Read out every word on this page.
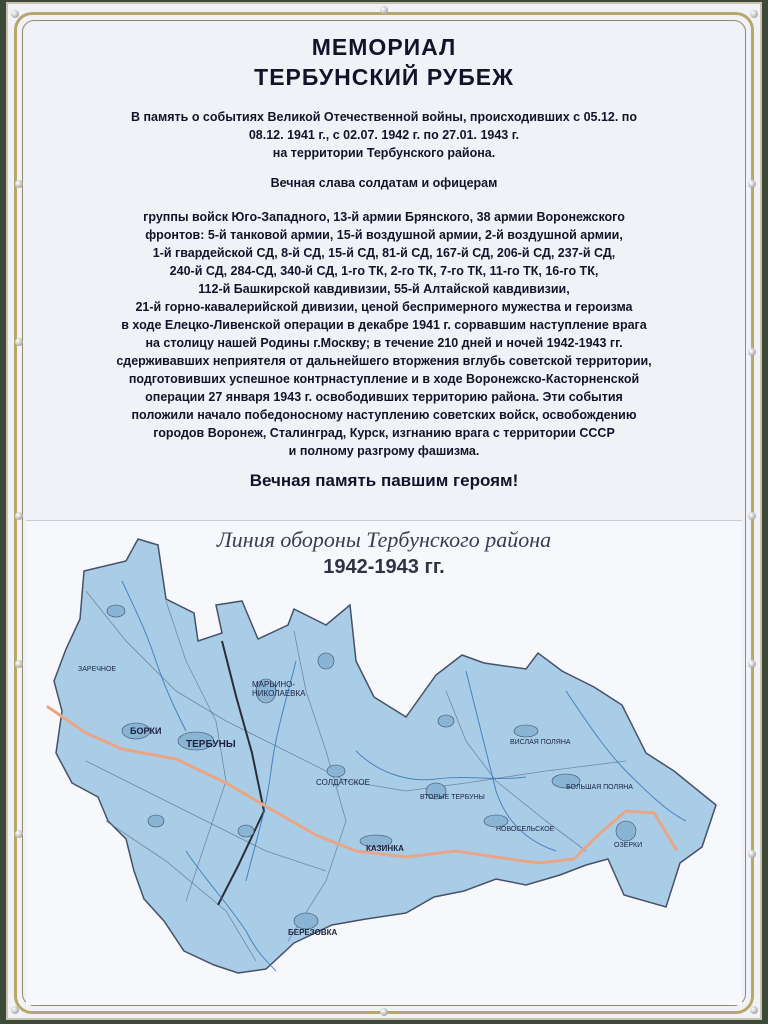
МЕМОРИАЛ
ТЕРБУНСКИЙ РУБЕЖ
В память о событиях Великой Отечественной войны, происходивших с 05.12. по
08.12. 1941 г., с 02.07. 1942 г. по 27.01. 1943 г.
на территории Тербунского района.
Вечная слава солдатам и офицерам
группы войск Юго-Западного, 13-й армии Брянского, 38 армии Воронежского
фронтов: 5-й танковой армии, 15-й воздушной армии, 2-й воздушной армии,
1-й гвардейской СД, 8-й СД, 15-й СД, 81-й СД, 167-й СД, 206-й СД, 237-й СД,
240-й СД, 284-СД, 340-й СД, 1-го ТК, 2-го ТК, 7-го ТК, 11-го ТК, 16-го ТК,
112-й Башкирской кавдивизии, 55-й Алтайской кавдивизии,
21-й горно-кавалерийской дивизии, ценой беспримерного мужества и героизма
в ходе Елецко-Ливенской операции в декабре 1941 г. сорвавшим наступление врага
на столицу нашей Родины г.Москву; в течение 210 дней и ночей 1942-1943 гг.
сдерживавших неприятеля от дальнейшего вторжения вглубь советской территории,
подготовивших успешное контрнаступление и в ходе Воронежско-Касторненской
операции 27 января 1943 г. освободивших территорию района. Эти события
положили начало победоносному наступлению советских войск, освобождению
городов Воронеж, Сталинград, Курск, изгнанию врага с территории СССР
и полному разгрому фашизма.
Вечная память павшим героям!
Линия обороны Тербунского района
1942-1943 гг.
ТЕРБУНЫ
БОРКИ
СОЛДАТСКОЕ
МАРЬИНО- НИКОЛАЕВКА
КАЗИНКА
ВТОРЫЕ ТЕРБУНЫ
НОВОСЕЛЬСКОЕ
БЕРЕЗОВКА
ВИСЛАЯ ПОЛЯНА
БОЛЬШАЯ ПОЛЯНА
ОЗЕРКИ
ЗАРЕЧНОЕ
